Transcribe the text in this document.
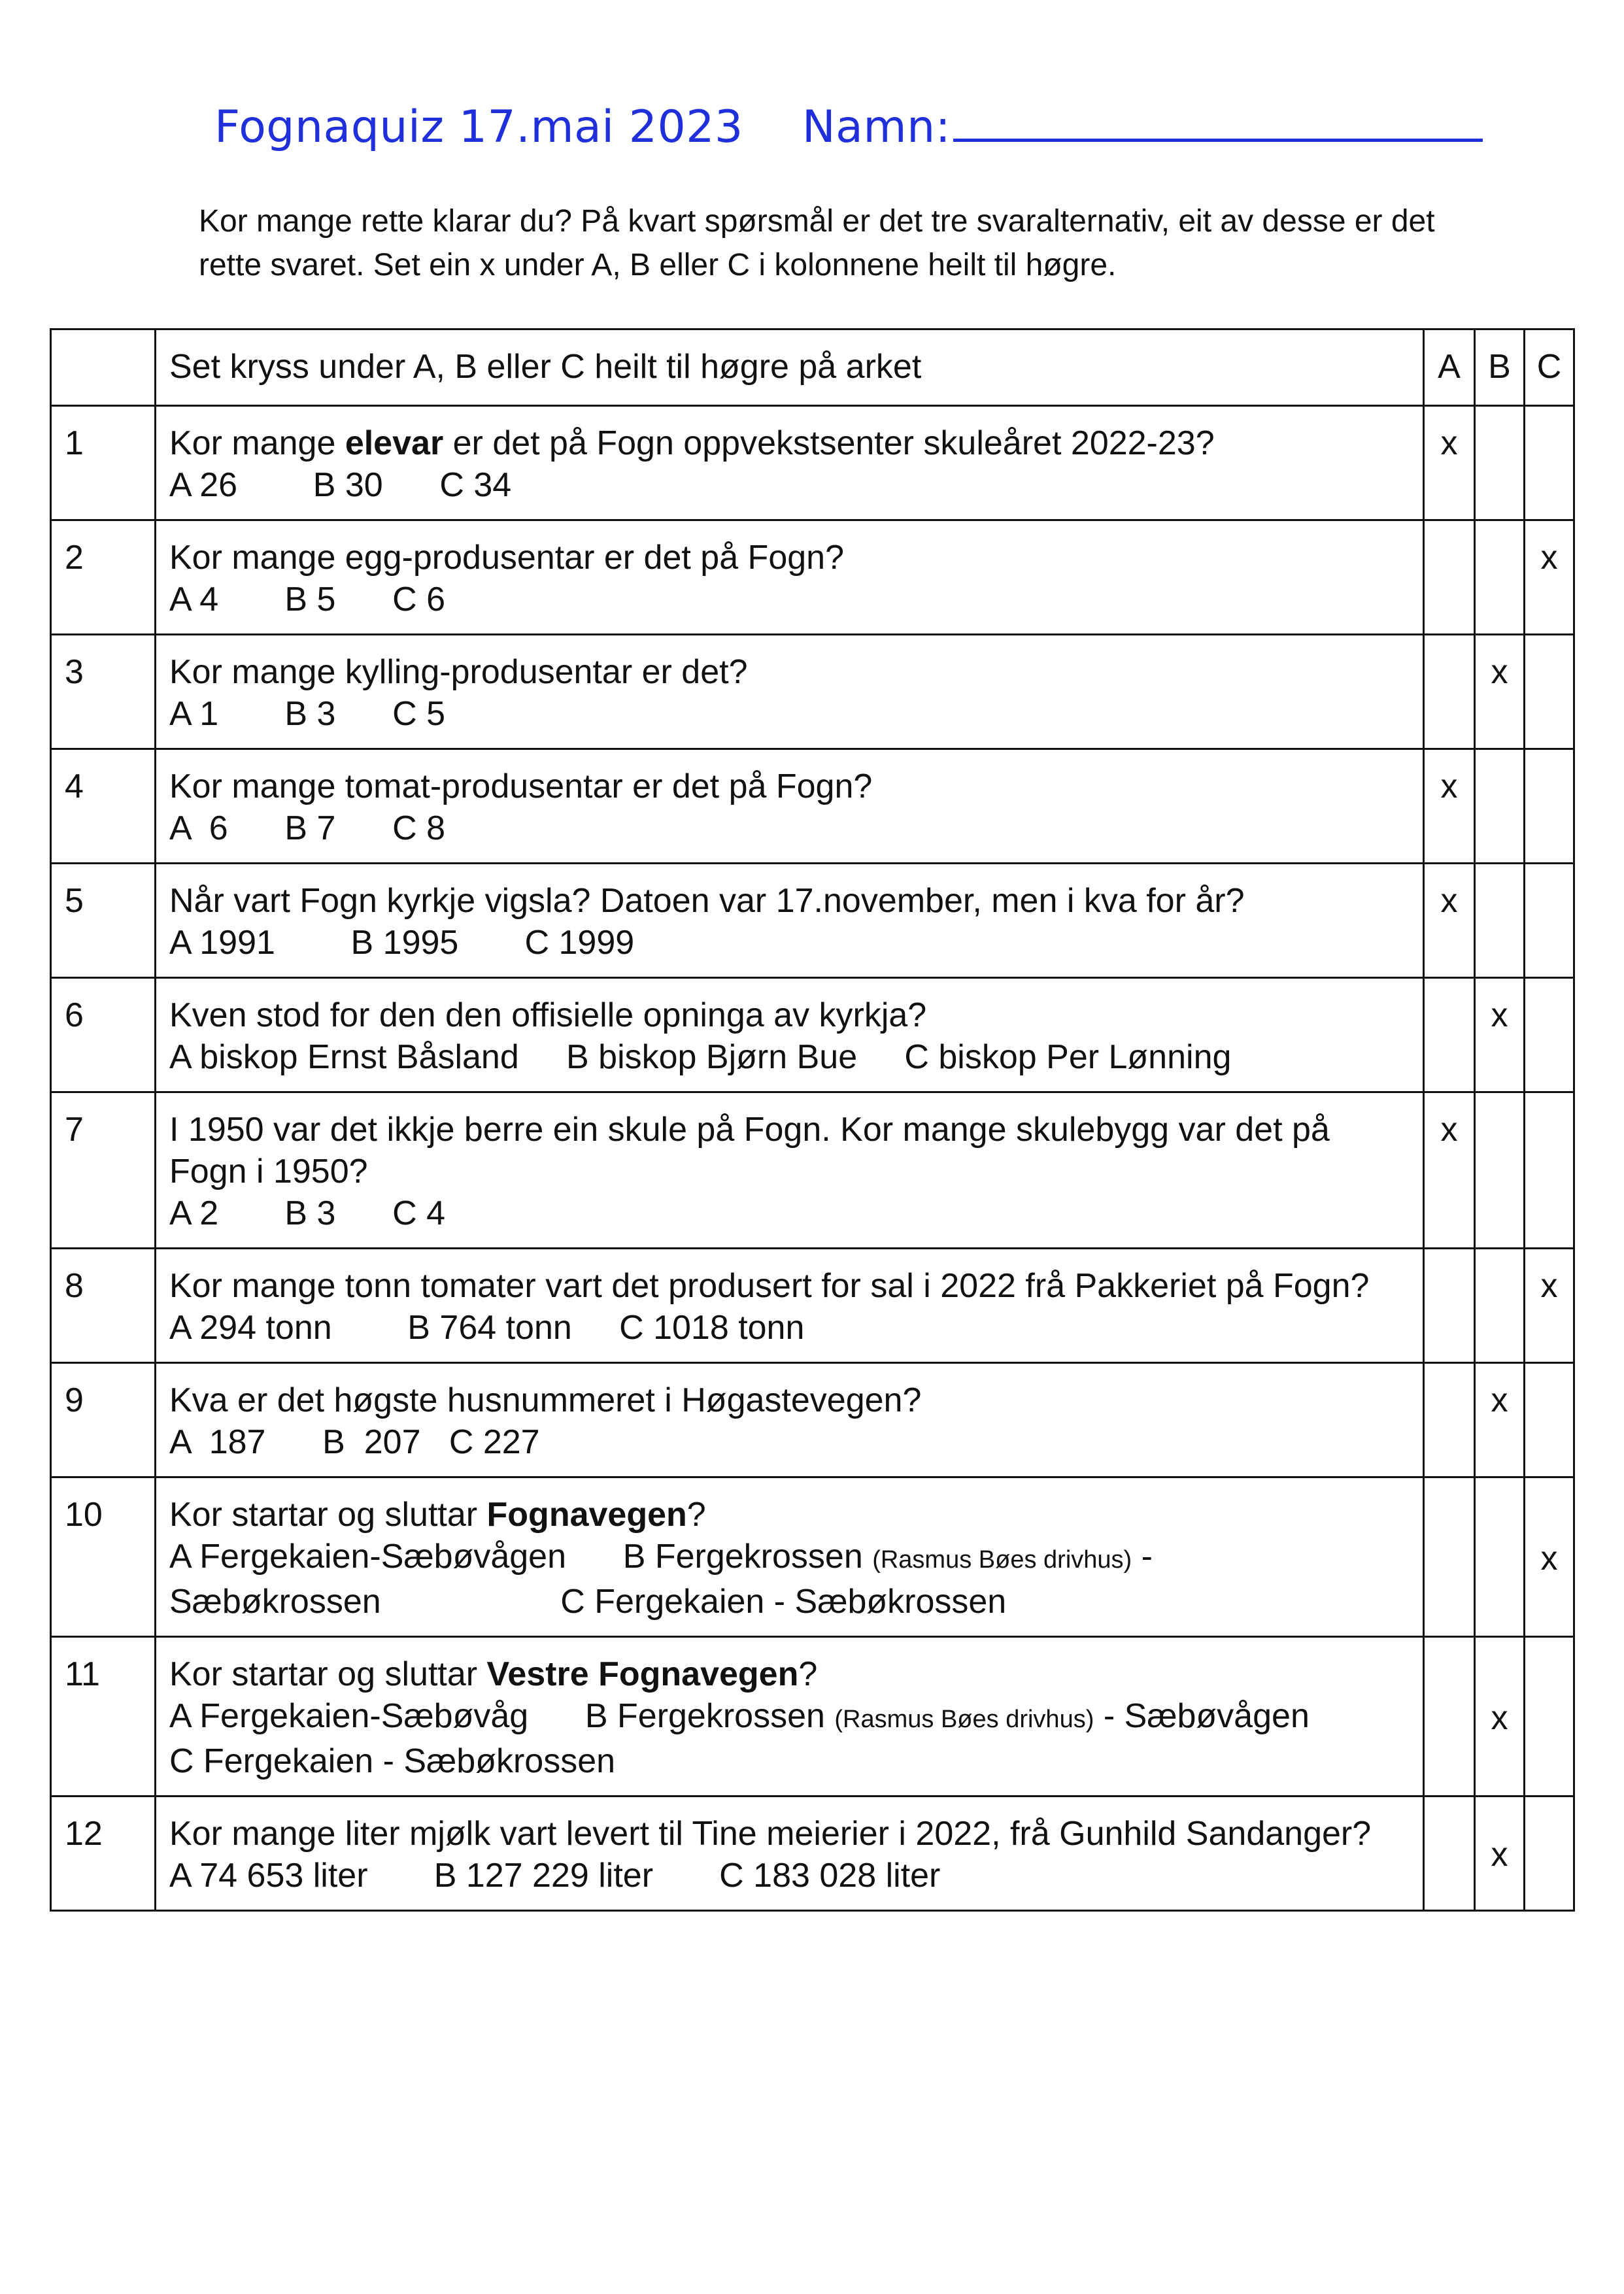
Fognaquiz 17.mai 2023 Namn:
Kor mange rette klarar du? På kvart spørsmål er det tre svaralternativ, eit av desse er det rette svaret. Set ein x under A, B eller C i kolonnene heilt til høgre.
	Set kryss under A, B eller C heilt til høgre på arket	A	B	C
1	Kor mange elevar er det på Fogn oppvekstsenter skuleåret 2022-23?
A 26 B 30 C 34	x		
2	Kor mange egg-produsentar er det på Fogn?
A 4 B 5 C 6			x
3	Kor mange kylling-produsentar er det?
A 1 B 3 C 5		x	
4	Kor mange tomat-produsentar er det på Fogn?
A  6 B 7 C 8	x		
5	Når vart Fogn kyrkje vigsla? Datoen var 17.november, men i kva for år?
A 1991 B 1995 C 1999	x		
6	Kven stod for den den offisielle opninga av kyrkja?
A biskop Ernst Båsland B biskop Bjørn Bue C biskop Per Lønning		x	
7	I 1950 var det ikkje berre ein skule på Fogn. Kor mange skulebygg var det på Fogn i 1950?
A 2 B 3 C 4	x		
8	Kor mange tonn tomater vart det produsert for sal i 2022 frå Pakkeriet på Fogn?
A 294 tonn B 764 tonn C 1018 tonn			x
9	Kva er det høgste husnummeret i Høgastevegen?
A  187 B  207 C 227		x	
10	Kor startar og sluttar Fognavegen?
A Fergekaien-Sæbøvågen B Fergekrossen (Rasmus Bøes drivhus) -
Sæbøkrossen C Fergekaien - Sæbøkrossen			x
11	Kor startar og sluttar Vestre Fognavegen?
A Fergekaien-Sæbøvåg B Fergekrossen (Rasmus Bøes drivhus) - Sæbøvågen
C Fergekaien - Sæbøkrossen		x	
12	Kor mange liter mjølk vart levert til Tine meierier i 2022, frå Gunhild Sandanger?
A 74 653 liter B 127 229 liter C 183 028 liter		x	
